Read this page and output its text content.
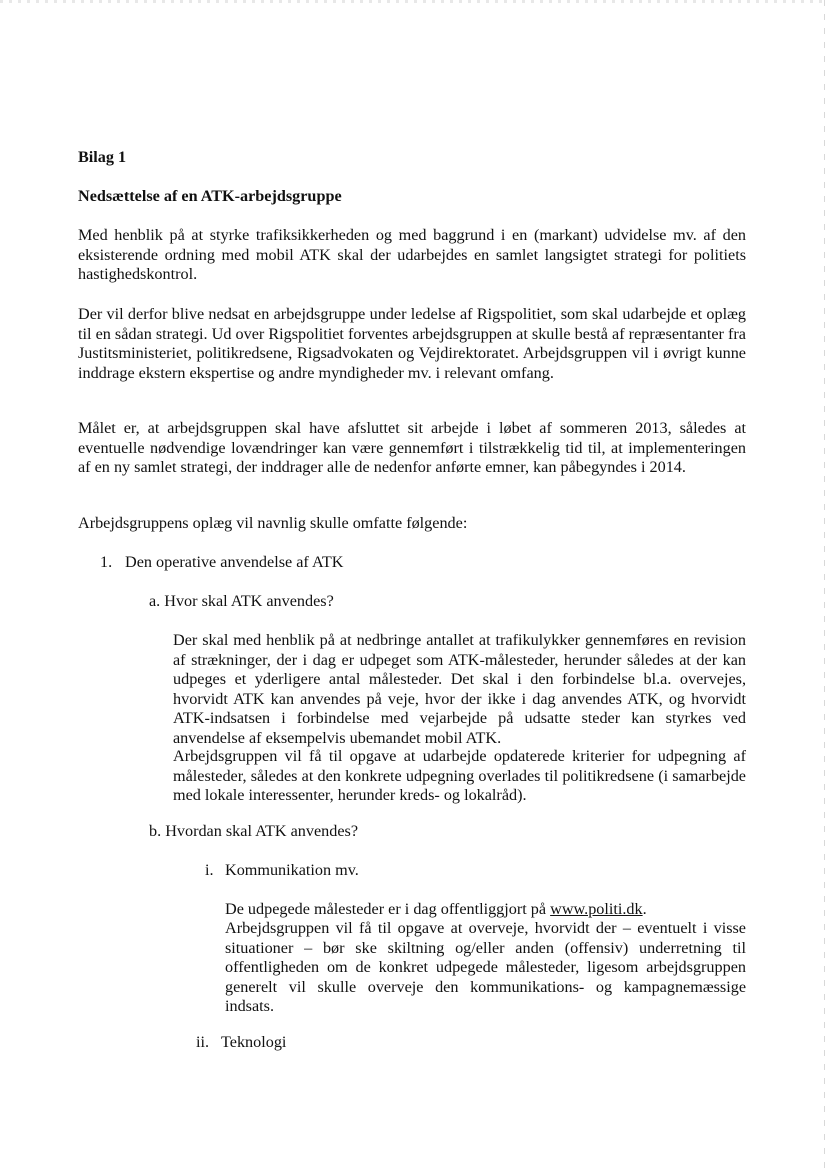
Bilag 1

Nedsættelse af en ATK-arbejdsgruppe

Med henblik på at styrke trafiksikkerheden og med baggrund i en (markant) udvidelse mv. af den eksisterende ordning med mobil ATK skal der udarbejdes en samlet langsigtet strategi for politiets hastighedskontrol.

Der vil derfor blive nedsat en arbejdsgruppe under ledelse af Rigspolitiet, som skal udarbejde et oplæg til en sådan strategi. Ud over Rigspolitiet forventes arbejdsgruppen at skulle bestå af repræsentanter fra Justitsministeriet, politikredsene, Rigsadvokaten og Vejdirektoratet. Arbejdsgruppen vil i øvrigt kunne inddrage ekstern ekspertise og andre myndigheder mv. i relevant omfang.

Målet er, at arbejdsgruppen skal have afsluttet sit arbejde i løbet af sommeren 2013, således at eventuelle nødvendige lovændringer kan være gennemført i tilstrækkelig tid til, at implementeringen af en ny samlet strategi, der inddrager alle de nedenfor anførte emner, kan påbegyndes i 2014.

Arbejdsgruppens oplæg vil navnlig skulle omfatte følgende:

1. Den operative anvendelse af ATK

a. Hvor skal ATK anvendes?

Der skal med henblik på at nedbringe antallet at trafikulykker gennemføres en revision af strækninger, der i dag er udpeget som ATK-målesteder, herunder således at der kan udpeges et yderligere antal målesteder. Det skal i den forbindelse bl.a. overvejes, hvorvidt ATK kan anvendes på veje, hvor der ikke i dag anvendes ATK, og hvorvidt ATK-indsatsen i forbindelse med vejarbejde på udsatte steder kan styrkes ved anvendelse af eksempelvis ubemandet mobil ATK.

Arbejdsgruppen vil få til opgave at udarbejde opdaterede kriterier for udpegning af målesteder, således at den konkrete udpegning overlades til politikredsene (i samarbejde med lokale interessenter, herunder kreds- og lokalråd).

b. Hvordan skal ATK anvendes?

i. Kommunikation mv.

De udpegede målesteder er i dag offentliggjort på www.politi.dk.

Arbejdsgruppen vil få til opgave at overveje, hvorvidt der – eventuelt i visse situationer – bør ske skiltning og/eller anden (offensiv) underretning til offentligheden om de konkret udpegede målesteder, ligesom arbejdsgruppen generelt vil skulle overveje den kommunikations- og kampagnemæssige indsats.

ii. Teknologi
